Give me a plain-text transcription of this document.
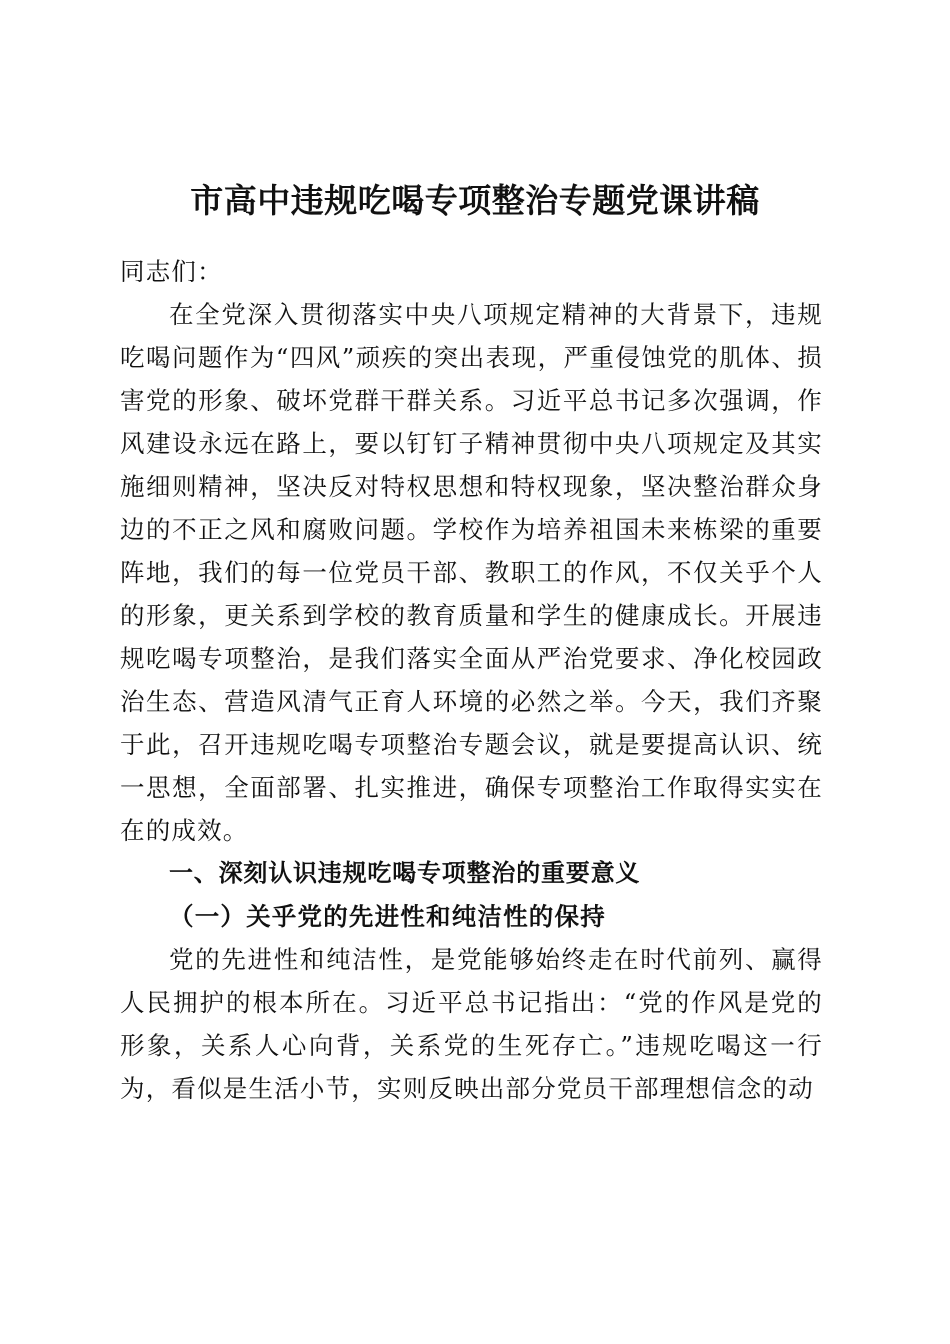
市高中违规吃喝专项整治专题党课讲稿

同志们：

在全党深入贯彻落实中央八项规定精神的大背景下，违规吃喝问题作为“四风”顽疾的突出表现，严重侵蚀党的肌体、损害党的形象、破坏党群干群关系。习近平总书记多次强调，作风建设永远在路上，要以钉钉子精神贯彻中央八项规定及其实施细则精神，坚决反对特权思想和特权现象，坚决整治群众身边的不正之风和腐败问题。学校作为培养祖国未来栋梁的重要阵地，我们的每一位党员干部、教职工的作风，不仅关乎个人的形象，更关系到学校的教育质量和学生的健康成长。开展违规吃喝专项整治，是我们落实全面从严治党要求、净化校园政治生态、营造风清气正育人环境的必然之举。今天，我们齐聚于此，召开违规吃喝专项整治专题会议，就是要提高认识、统一思想，全面部署、扎实推进，确保专项整治工作取得实实在在的成效。

一、深刻认识违规吃喝专项整治的重要意义

（一）关乎党的先进性和纯洁性的保持

党的先进性和纯洁性，是党能够始终走在时代前列、赢得人民拥护的根本所在。习近平总书记指出：“党的作风是党的形象，关系人心向背，关系党的生死存亡。”违规吃喝这一行为，看似是生活小节，实则反映出部分党员干部理想信念的动
